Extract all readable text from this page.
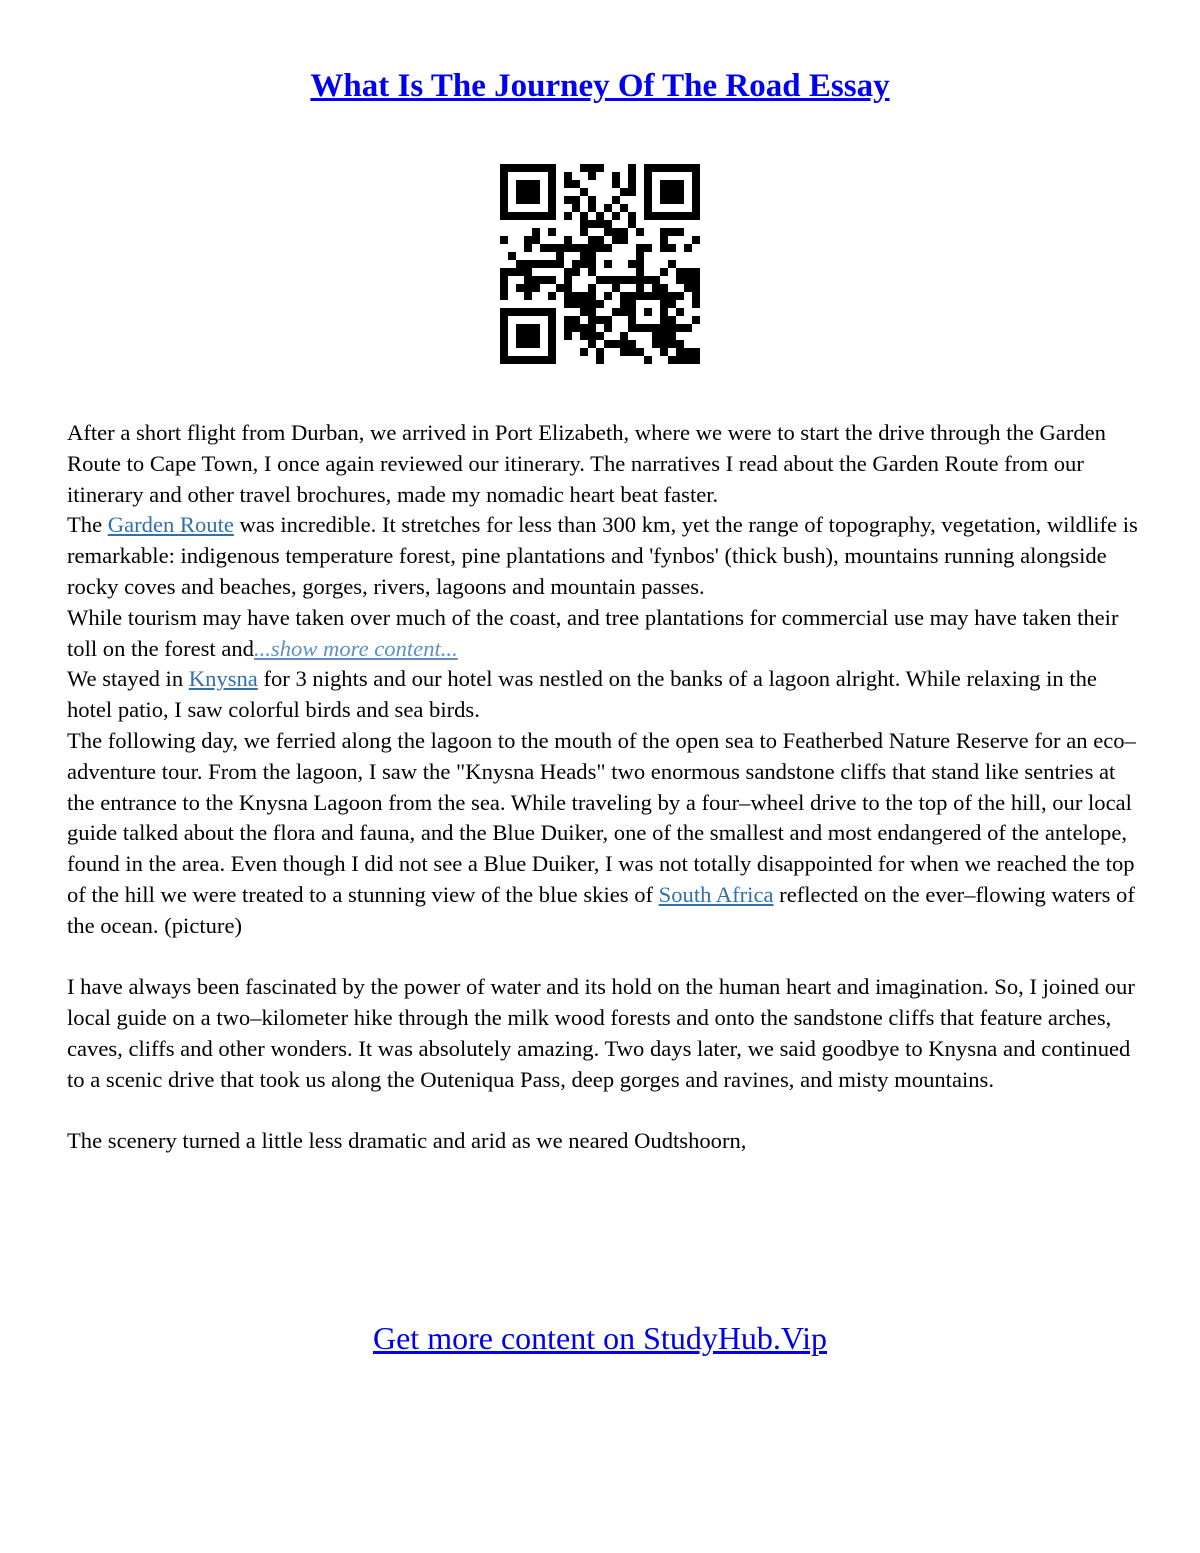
What Is The Journey Of The Road Essay

After a short flight from Durban, we arrived in Port Elizabeth, where we were to start the drive through the Garden Route to Cape Town, I once again reviewed our itinerary. The narratives I read about the Garden Route from our itinerary and other travel brochures, made my nomadic heart beat faster.

The Garden Route was incredible. It stretches for less than 300 km, yet the range of topography, vegetation, wildlife is remarkable: indigenous temperature forest, pine plantations and 'fynbos' (thick bush), mountains running alongside rocky coves and beaches, gorges, rivers, lagoons and mountain passes.

While tourism may have taken over much of the coast, and tree plantations for commercial use may have taken their toll on the forest and...show more content...

We stayed in Knysna for 3 nights and our hotel was nestled on the banks of a lagoon alright. While relaxing in the hotel patio, I saw colorful birds and sea birds.

The following day, we ferried along the lagoon to the mouth of the open sea to Featherbed Nature Reserve for an eco–adventure tour. From the lagoon, I saw the "Knysna Heads" two enormous sandstone cliffs that stand like sentries at the entrance to the Knysna Lagoon from the sea. While traveling by a four–wheel drive to the top of the hill, our local guide talked about the flora and fauna, and the Blue Duiker, one of the smallest and most endangered of the antelope, found in the area. Even though I did not see a Blue Duiker, I was not totally disappointed for when we reached the top of the hill we were treated to a stunning view of the blue skies of South Africa reflected on the ever–flowing waters of the ocean. (picture)

I have always been fascinated by the power of water and its hold on the human heart and imagination. So, I joined our local guide on a two–kilometer hike through the milk wood forests and onto the sandstone cliffs that feature arches, caves, cliffs and other wonders. It was absolutely amazing. Two days later, we said goodbye to Knysna and continued to a scenic drive that took us along the Outeniqua Pass, deep gorges and ravines, and misty mountains.

The scenery turned a little less dramatic and arid as we neared Oudtshoorn,

Get more content on StudyHub.Vip
